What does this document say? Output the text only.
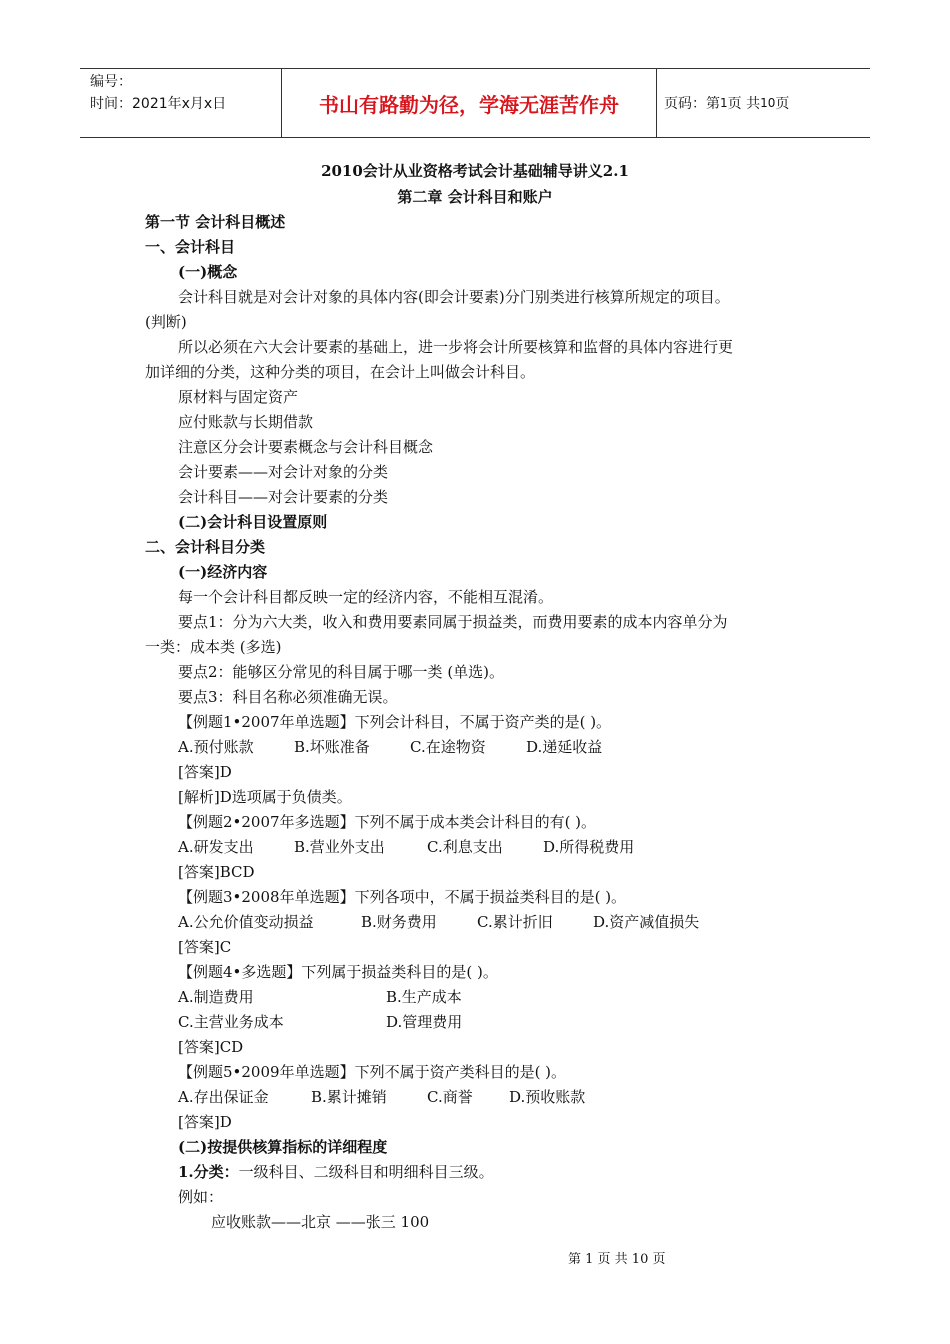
编号：
时间：2021年x月x日	书山有路勤为径，学海无涯苦作舟	页码：第 1 页 共 10 页
2010会计从业资格考试会计基础辅导讲义2.1
第二章 会计科目和账户
第一节 会计科目概述
一、会计科目
(一)概念
会计科目就是对会计对象的具体内容(即会计要素)分门别类进行核算所规定的项目。
(判断)
所以必须在六大会计要素的基础上，进一步将会计所要核算和监督的具体内容进行更
加详细的分类，这种分类的项目，在会计上叫做会计科目。
原材料与固定资产
应付账款与长期借款
注意区分会计要素概念与会计科目概念
会计要素——对会计对象的分类
会计科目——对会计要素的分类
(二)会计科目设置原则
二、会计科目分类
(一)经济内容
每一个会计科目都反映一定的经济内容，不能相互混淆。
要点1：分为六大类，收入和费用要素同属于损益类，而费用要素的成本内容单分为
一类：成本类 (多选)
要点2：能够区分常见的科目属于哪一类 (单选)。
要点3：科目名称必须准确无误。
【例题1•2007年单选题】下列会计科目，不属于资产类的是( )。
A.预付账款	B.坏账准备	C.在途物资	D.递延收益
[答案]D
[解析]D选项属于负债类。
【例题2•2007年多选题】下列不属于成本类会计科目的有( )。
A.研发支出	B.营业外支出	C.利息支出	D.所得税费用
[答案]BCD
【例题3•2008年单选题】下列各项中，不属于损益类科目的是( )。
A.公允价值变动损益	B.财务费用	C.累计折旧	D.资产减值损失
[答案]C
【例题4•多选题】下列属于损益类科目的是( )。
A.制造费用	B.生产成本
C.主营业务成本	D.管理费用
[答案]CD
【例题5•2009年单选题】下列不属于资产类科目的是( )。
A.存出保证金	B.累计摊销	C.商誉 D.预收账款
[答案]D
(二)按提供核算指标的详细程度
1.分类：一级科目、二级科目和明细科目三级。
例如：
应收账款——北京 ——张三 100
第 1 页 共 10 页
